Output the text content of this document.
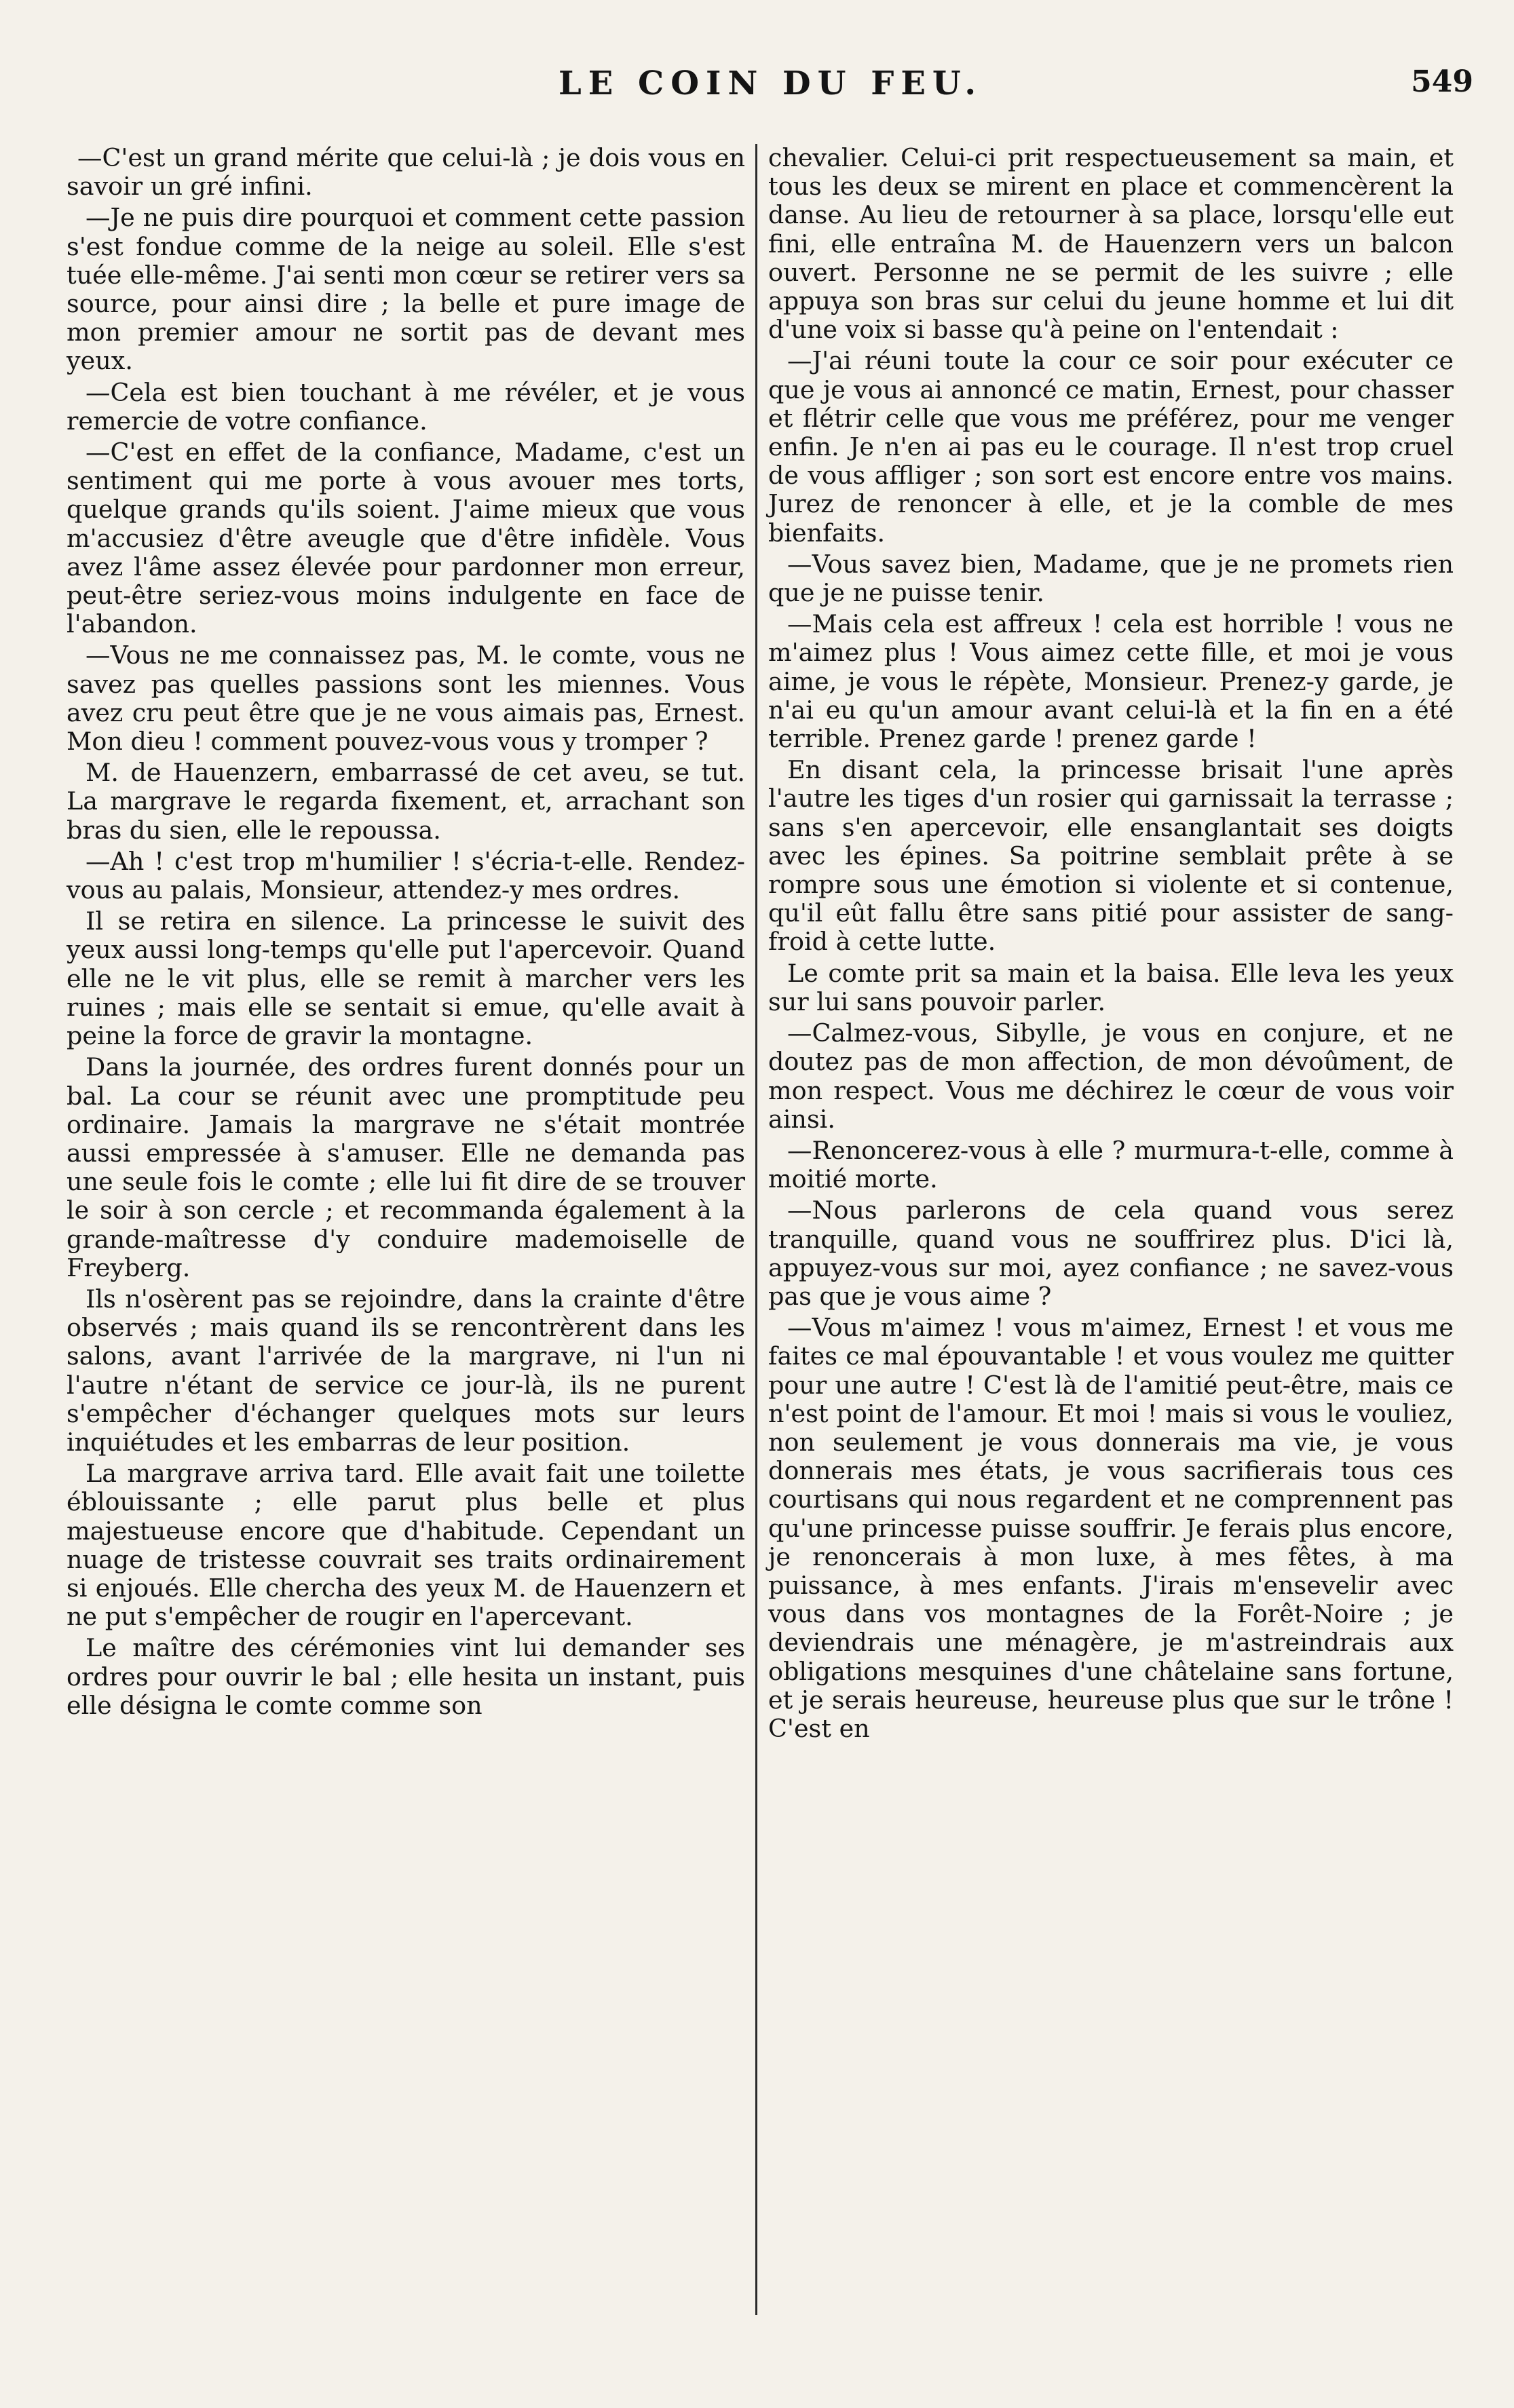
LE COIN DU FEU.	549

—C'est un grand mérite que celui-là ; je dois vous en savoir un gré infini.

—Je ne puis dire pourquoi et comment cette passion s'est fondue comme de la neige au soleil. Elle s'est tuée elle-même. J'ai senti mon cœur se retirer vers sa source, pour ainsi dire ; la belle et pure image de mon premier amour ne sortit pas de devant mes yeux.

—Cela est bien touchant à me révéler, et je vous remercie de votre confiance.

—C'est en effet de la confiance, Madame, c'est un sentiment qui me porte à vous avouer mes torts, quelque grands qu'ils soient. J'aime mieux que vous m'accusiez d'être aveugle que d'être infidèle. Vous avez l'âme assez élevée pour pardonner mon erreur, peut-être seriez-vous moins indulgente en face de l'abandon.

—Vous ne me connaissez pas, M. le comte, vous ne savez pas quelles passions sont les miennes. Vous avez cru peut être que je ne vous aimais pas, Ernest. Mon dieu ! comment pouvez-vous vous y tromper ?

M. de Hauenzern, embarrassé de cet aveu, se tut. La margrave le regarda fixement, et, arrachant son bras du sien, elle le repoussa.

—Ah ! c'est trop m'humilier ! s'écria-t-elle. Rendez-vous au palais, Monsieur, attendez-y mes ordres.

Il se retira en silence. La princesse le suivit des yeux aussi long-temps qu'elle put l'apercevoir. Quand elle ne le vit plus, elle se remit à marcher vers les ruines ; mais elle se sentait si emue, qu'elle avait à peine la force de gravir la montagne.

Dans la journée, des ordres furent donnés pour un bal. La cour se réunit avec une promptitude peu ordinaire. Jamais la margrave ne s'était montrée aussi empressée à s'amuser. Elle ne demanda pas une seule fois le comte ; elle lui fit dire de se trouver le soir à son cercle ; et recommanda également à la grande-maîtresse d'y conduire mademoiselle de Freyberg.

Ils n'osèrent pas se rejoindre, dans la crainte d'être observés ; mais quand ils se rencontrèrent dans les salons, avant l'arrivée de la margrave, ni l'un ni l'autre n'étant de service ce jour-là, ils ne purent s'empêcher d'échanger quelques mots sur leurs inquiétudes et les embarras de leur position.

La margrave arriva tard. Elle avait fait une toilette éblouissante ; elle parut plus belle et plus majestueuse encore que d'habitude. Cependant un nuage de tristesse couvrait ses traits ordinairement si enjoués. Elle chercha des yeux M. de Hauenzern et ne put s'empêcher de rougir en l'apercevant.

Le maître des cérémonies vint lui demander ses ordres pour ouvrir le bal ; elle hesita un instant, puis elle désigna le comte comme son

chevalier. Celui-ci prit respectueusement sa main, et tous les deux se mirent en place et commencèrent la danse. Au lieu de retourner à sa place, lorsqu'elle eut fini, elle entraîna M. de Hauenzern vers un balcon ouvert. Personne ne se permit de les suivre ; elle appuya son bras sur celui du jeune homme et lui dit d'une voix si basse qu'à peine on l'entendait :

—J'ai réuni toute la cour ce soir pour exécuter ce que je vous ai annoncé ce matin, Ernest, pour chasser et flétrir celle que vous me préférez, pour me venger enfin. Je n'en ai pas eu le courage. Il n'est trop cruel de vous affliger ; son sort est encore entre vos mains. Jurez de renoncer à elle, et je la comble de mes bienfaits.

—Vous savez bien, Madame, que je ne promets rien que je ne puisse tenir.

—Mais cela est affreux ! cela est horrible ! vous ne m'aimez plus ! Vous aimez cette fille, et moi je vous aime, je vous le répète, Monsieur. Prenez-y garde, je n'ai eu qu'un amour avant celui-là et la fin en a été terrible. Prenez garde ! prenez garde !

En disant cela, la princesse brisait l'une après l'autre les tiges d'un rosier qui garnissait la terrasse ; sans s'en apercevoir, elle ensanglantait ses doigts avec les épines. Sa poitrine semblait prête à se rompre sous une émotion si violente et si contenue, qu'il eût fallu être sans pitié pour assister de sang-froid à cette lutte.

Le comte prit sa main et la baisa. Elle leva les yeux sur lui sans pouvoir parler.

—Calmez-vous, Sibylle, je vous en conjure, et ne doutez pas de mon affection, de mon dévoûment, de mon respect. Vous me déchirez le cœur de vous voir ainsi.

—Renoncerez-vous à elle ? murmura-t-elle, comme à moitié morte.

—Nous parlerons de cela quand vous serez tranquille, quand vous ne souffrirez plus. D'ici là, appuyez-vous sur moi, ayez confiance ; ne savez-vous pas que je vous aime ?

—Vous m'aimez ! vous m'aimez, Ernest ! et vous me faites ce mal épouvantable ! et vous voulez me quitter pour une autre ! C'est là de l'amitié peut-être, mais ce n'est point de l'amour. Et moi ! mais si vous le vouliez, non seulement je vous donnerais ma vie, je vous donnerais mes états, je vous sacrifierais tous ces courtisans qui nous regardent et ne comprennent pas qu'une princesse puisse souffrir. Je ferais plus encore, je renoncerais à mon luxe, à mes fêtes, à ma puissance, à mes enfants. J'irais m'ensevelir avec vous dans vos montagnes de la Forêt-Noire ; je deviendrais une ménagère, je m'astreindrais aux obligations mesquines d'une châtelaine sans fortune, et je serais heureuse, heureuse plus que sur le trône ! C'est en
